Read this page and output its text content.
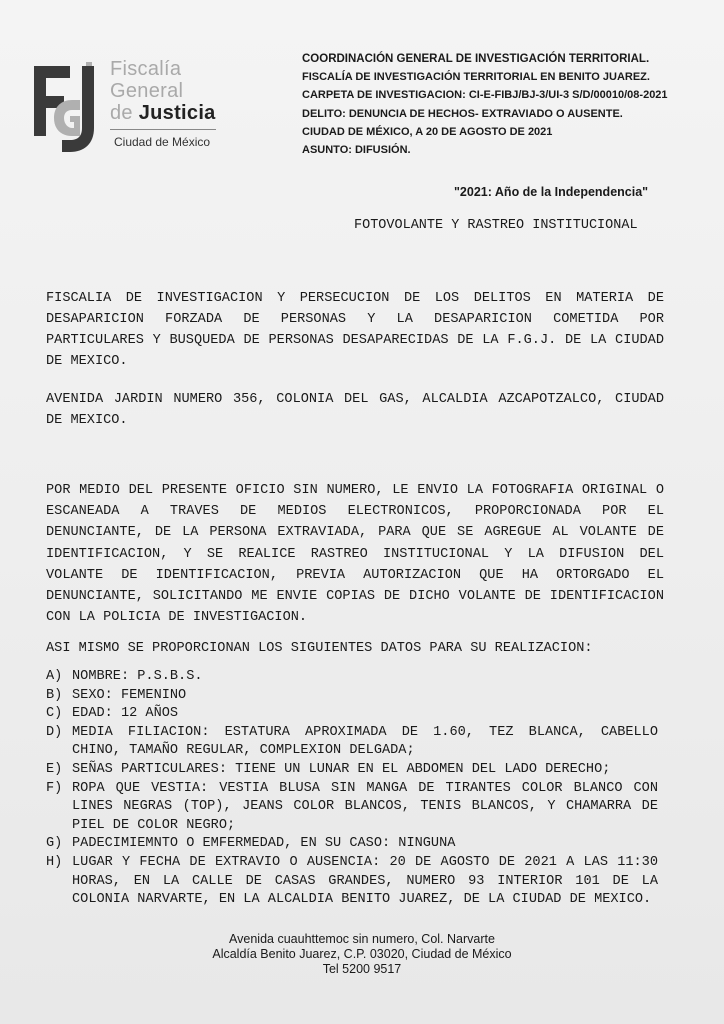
Fiscalía
General
de Justicia
Ciudad de México
COORDINACIÓN GENERAL DE INVESTIGACIÓN TERRITORIAL.
FISCALÍA DE INVESTIGACIÓN TERRITORIAL EN BENITO JUAREZ.
CARPETA DE INVESTIGACION: CI-E-FIBJ/BJ-3/UI-3 S/D/00010/08-2021
DELITO: DENUNCIA DE HECHOS- EXTRAVIADO O AUSENTE.
CIUDAD DE MÉXICO, A 20 DE AGOSTO DE 2021
ASUNTO: DIFUSIÓN.
"2021: Año de la Independencia"
FOTOVOLANTE Y RASTREO INSTITUCIONAL
FISCALIA DE INVESTIGACION Y PERSECUCION DE LOS DELITOS EN MATERIA DE DESAPARICION FORZADA DE PERSONAS Y LA DESAPARICION COMETIDA POR PARTICULARES Y BUSQUEDA DE PERSONAS DESAPARECIDAS DE LA F.G.J. DE LA CIUDAD DE MEXICO.
AVENIDA JARDIN NUMERO 356, COLONIA DEL GAS, ALCALDIA AZCAPOTZALCO, CIUDAD DE MEXICO.
POR MEDIO DEL PRESENTE OFICIO SIN NUMERO, LE ENVIO LA FOTOGRAFIA ORIGINAL O ESCANEADA A TRAVES DE MEDIOS ELECTRONICOS, PROPORCIONADA POR EL DENUNCIANTE, DE LA PERSONA EXTRAVIADA, PARA QUE SE AGREGUE AL VOLANTE DE IDENTIFICACION, Y SE REALICE RASTREO INSTITUCIONAL Y LA DIFUSION DEL VOLANTE DE IDENTIFICACION, PREVIA AUTORIZACION QUE HA ORTORGADO EL DENUNCIANTE, SOLICITANDO ME ENVIE COPIAS DE DICHO VOLANTE DE IDENTIFICACION CON LA POLICIA DE INVESTIGACION.
ASI MISMO SE PROPORCIONAN LOS SIGUIENTES DATOS PARA SU REALIZACION:
A) NOMBRE: P.S.B.S.
B) SEXO: FEMENINO
C) EDAD: 12 AÑOS
D) MEDIA FILIACION: ESTATURA APROXIMADA DE 1.60, TEZ BLANCA, CABELLO CHINO, TAMAÑO REGULAR, COMPLEXION DELGADA;
E) SEÑAS PARTICULARES: TIENE UN LUNAR EN EL ABDOMEN DEL LADO DERECHO;
F) ROPA QUE VESTIA: VESTIA BLUSA SIN MANGA DE TIRANTES COLOR BLANCO CON LINES NEGRAS (TOP), JEANS COLOR BLANCOS, TENIS BLANCOS, Y CHAMARRA DE PIEL DE COLOR NEGRO;
G) PADECIMIEMNTO O EMFERMEDAD, EN SU CASO: NINGUNA
H) LUGAR Y FECHA DE EXTRAVIO O AUSENCIA: 20 DE AGOSTO DE 2021 A LAS 11:30 HORAS, EN LA CALLE DE CASAS GRANDES, NUMERO 93 INTERIOR 101 DE LA COLONIA NARVARTE, EN LA ALCALDIA BENITO JUAREZ, DE LA CIUDAD DE MEXICO.
Avenida cuauhttemoc sin numero, Col. Narvarte
Alcaldía Benito Juarez, C.P. 03020, Ciudad de México
Tel 5200 9517
